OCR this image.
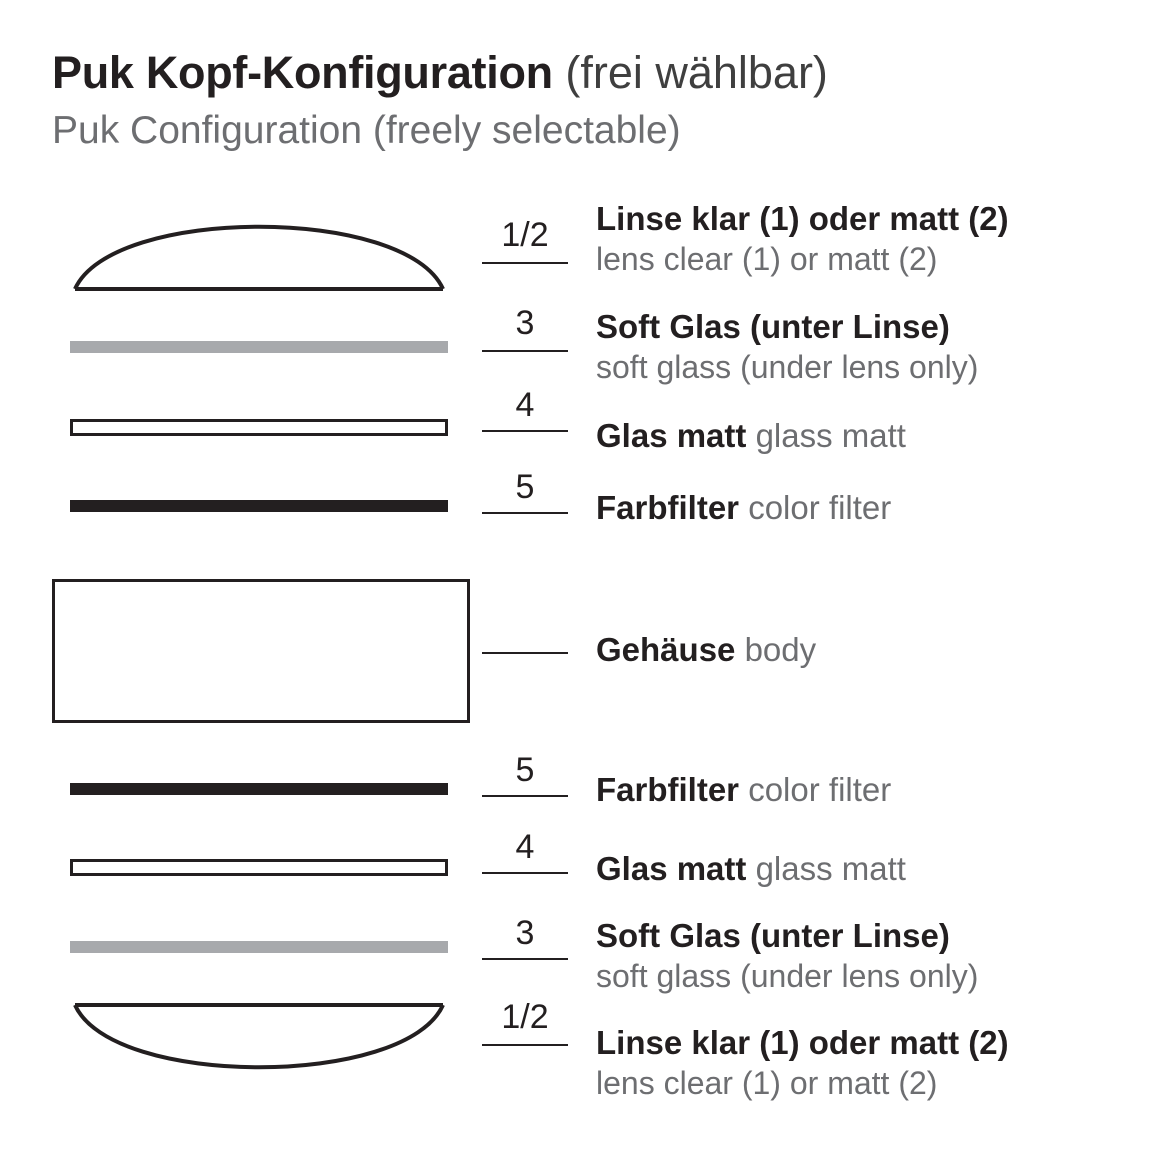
Puk Kopf-Konfiguration (frei wählbar)
Puk Configuration (freely selectable)
1/2
3
4
5
5
4
3
1/2
Linse klar (1) oder matt (2)
lens clear (1) or matt (2)
Soft Glas (unter Linse)
soft glass (under lens only)
Glas matt glass matt
Farbfilter color filter
Gehäuse body
Farbfilter color filter
Glas matt glass matt
Soft Glas (unter Linse)
soft glass (under lens only)
Linse klar (1) oder matt (2)
lens clear (1) or matt (2)
